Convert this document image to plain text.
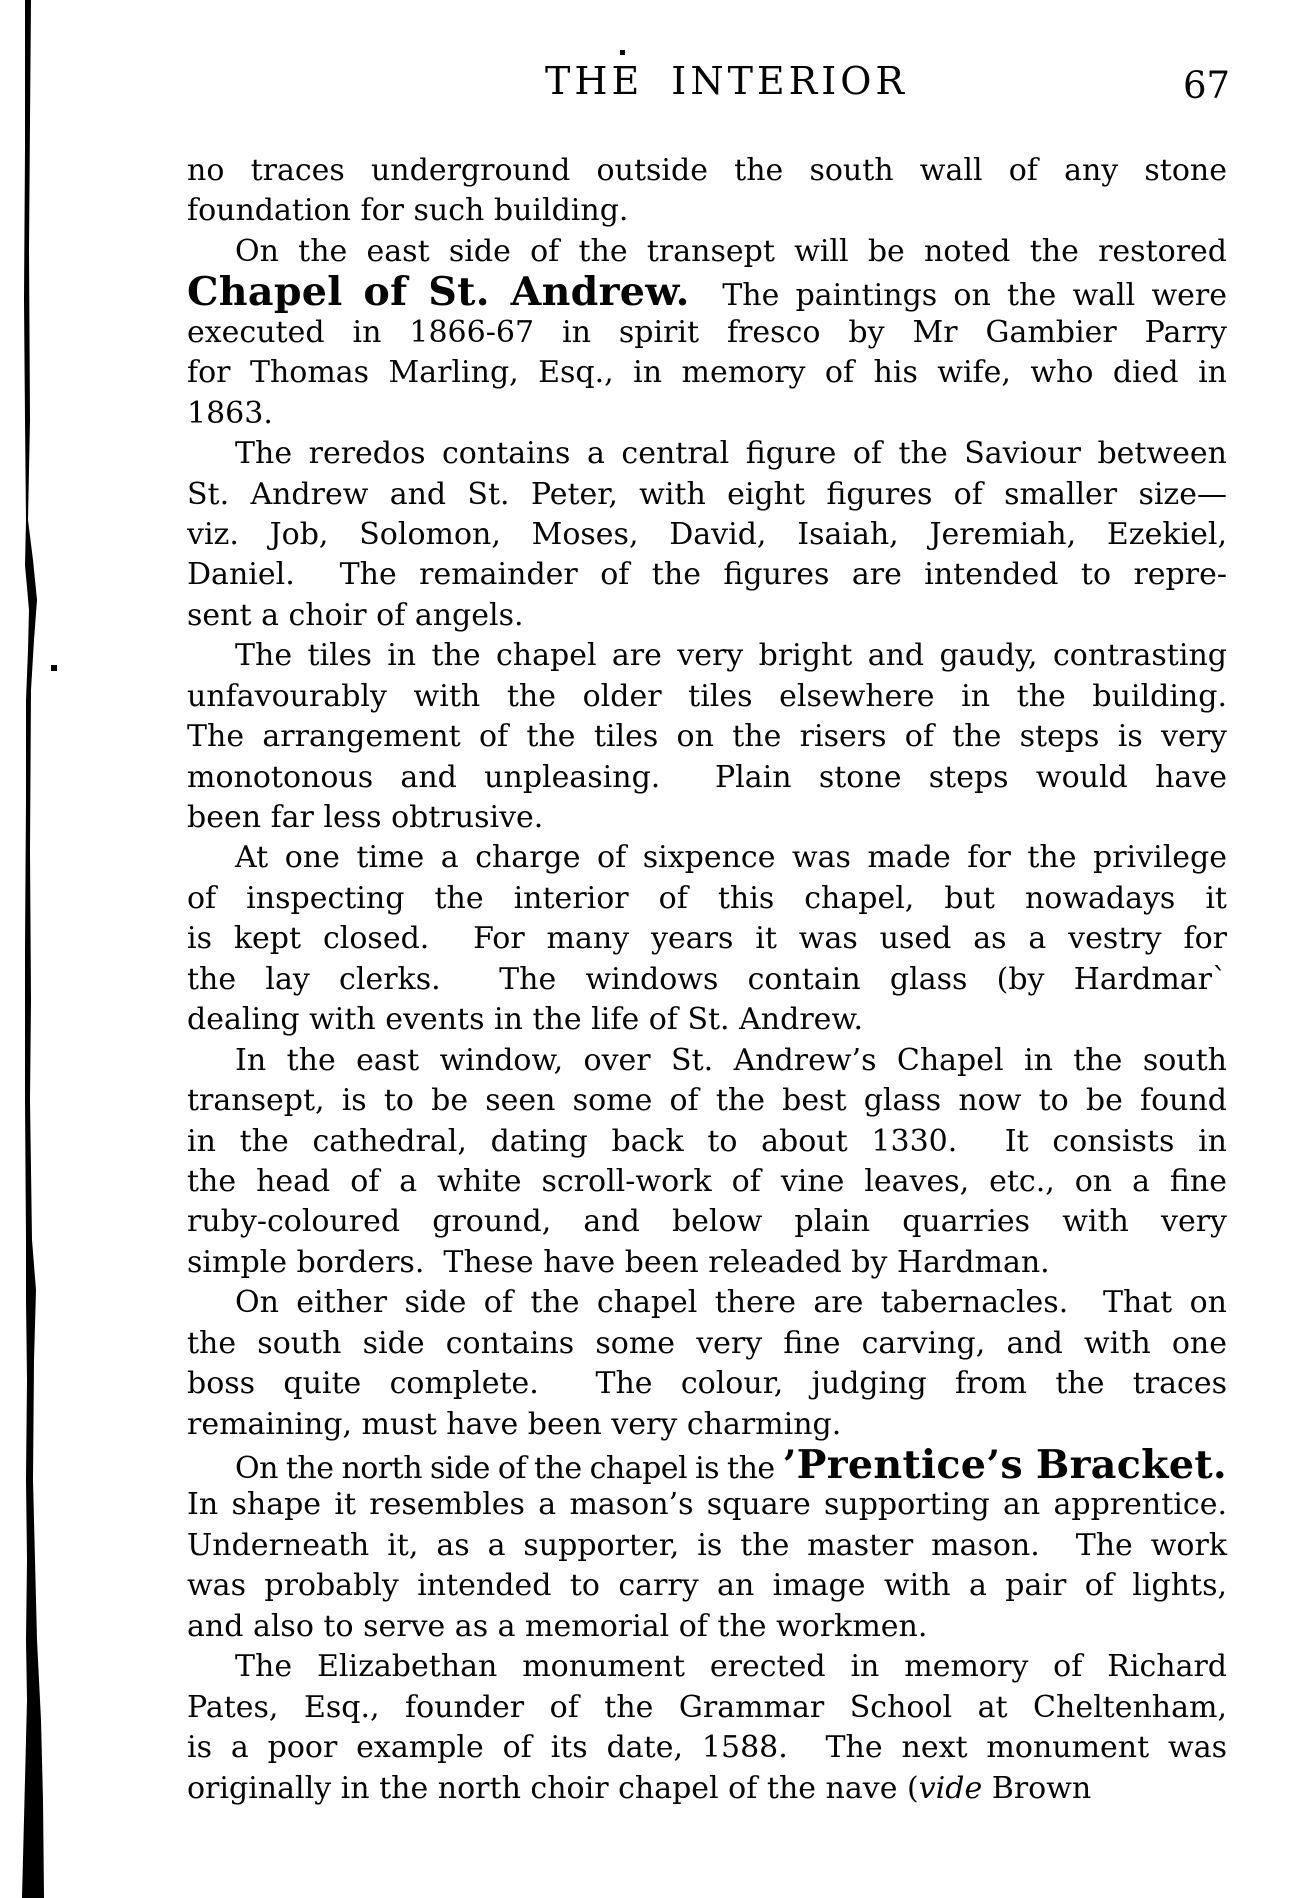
THE INTERIOR	67
no traces underground outside the south wall of any stone
foundation for such building.
On the east side of the transept will be noted the restored
Chapel of St. Andrew.  The paintings on the wall were
executed in 1866-67 in spirit fresco by Mr Gambier Parry
for Thomas Marling, Esq., in memory of his wife, who died in
1863.
The reredos contains a central figure of the Saviour between
St. Andrew and St. Peter, with eight figures of smaller size—
viz. Job, Solomon, Moses, David, Isaiah, Jeremiah, Ezekiel,
Daniel.  The remainder of the figures are intended to repre-
sent a choir of angels.
The tiles in the chapel are very bright and gaudy, contrasting
unfavourably with the older tiles elsewhere in the building.
The arrangement of the tiles on the risers of the steps is very
monotonous and unpleasing.  Plain stone steps would have
been far less obtrusive.
At one time a charge of sixpence was made for the privilege
of inspecting the interior of this chapel, but nowadays it
is kept closed.  For many years it was used as a vestry for
the lay clerks.  The windows contain glass (by Hardmar`
dealing with events in the life of St. Andrew.
In the east window, over St. Andrew’s Chapel in the south
transept, is to be seen some of the best glass now to be found
in the cathedral, dating back to about 1330.  It consists in
the head of a white scroll-work of vine leaves, etc., on a fine
ruby-coloured ground, and below plain quarries with very
simple borders.  These have been releaded by Hardman.
On either side of the chapel there are tabernacles.  That on
the south side contains some very fine carving, and with one
boss quite complete.  The colour, judging from the traces
remaining, must have been very charming.
On the north side of the chapel is the ’Prentice’s Bracket.
In shape it resembles a mason’s square supporting an apprentice.
Underneath it, as a supporter, is the master mason.  The work
was probably intended to carry an image with a pair of lights,
and also to serve as a memorial of the workmen.
The Elizabethan monument erected in memory of Richard
Pates, Esq., founder of the Grammar School at Cheltenham,
is a poor example of its date, 1588.  The next monument was
originally in the north choir chapel of the nave (vide Brown
